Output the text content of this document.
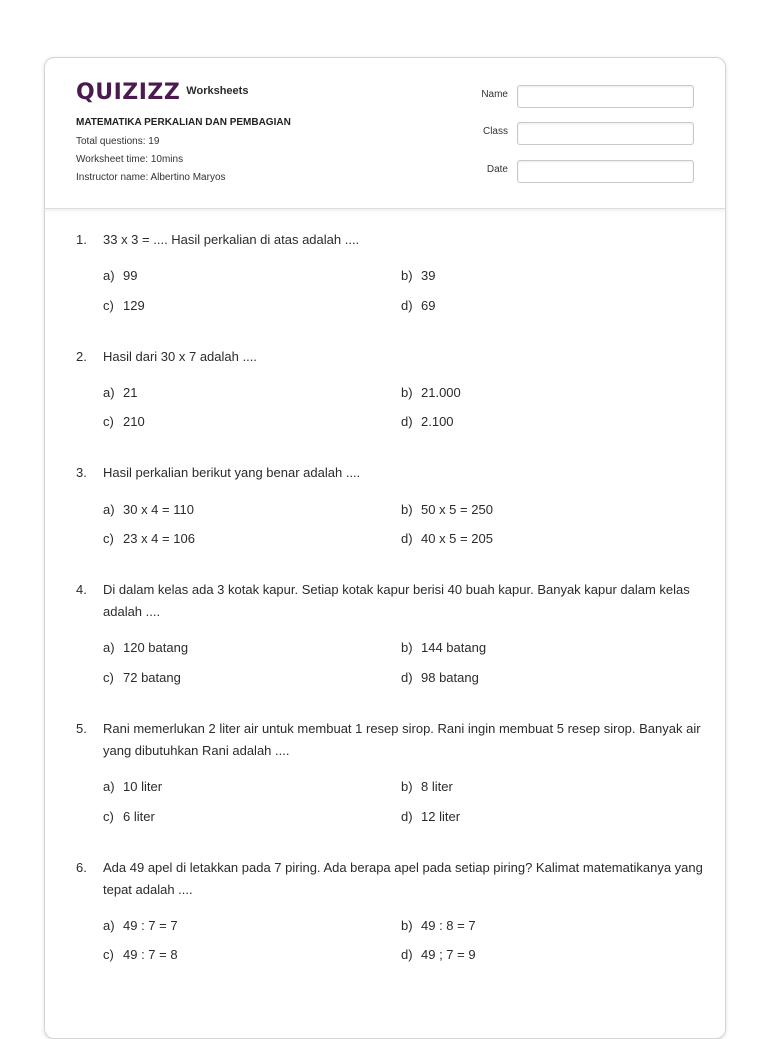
QUIZIZZ Worksheets
MATEMATIKA PERKALIAN DAN PEMBAGIAN
Total questions: 19
Worksheet time: 10mins
Instructor name: Albertino Maryos
Name
Class
Date
1. 33 x 3 = .... Hasil perkalian di atas adalah ....
a) 99	b) 39
c) 129	d) 69
2. Hasil dari 30 x 7 adalah ....
a) 21	b) 21.000
c) 210	d) 2.100
3. Hasil perkalian berikut yang benar adalah ....
a) 30 x 4 = 110	b) 50 x 5 = 250
c) 23 x 4 = 106	d) 40 x 5 = 205
4. Di dalam kelas ada 3 kotak kapur. Setiap kotak kapur berisi 40 buah kapur. Banyak kapur dalam kelas adalah ....
a) 120 batang	b) 144 batang
c) 72 batang	d) 98 batang
5. Rani memerlukan 2 liter air untuk membuat 1 resep sirop. Rani ingin membuat 5 resep sirop. Banyak air yang dibutuhkan Rani adalah ....
a) 10 liter	b) 8 liter
c) 6 liter	d) 12 liter
6. Ada 49 apel di letakkan pada 7 piring. Ada berapa apel pada setiap piring? Kalimat matematikanya yang tepat adalah ....
a) 49 : 7 = 7	b) 49 : 8 = 7
c) 49 : 7 = 8	d) 49 ; 7 = 9
